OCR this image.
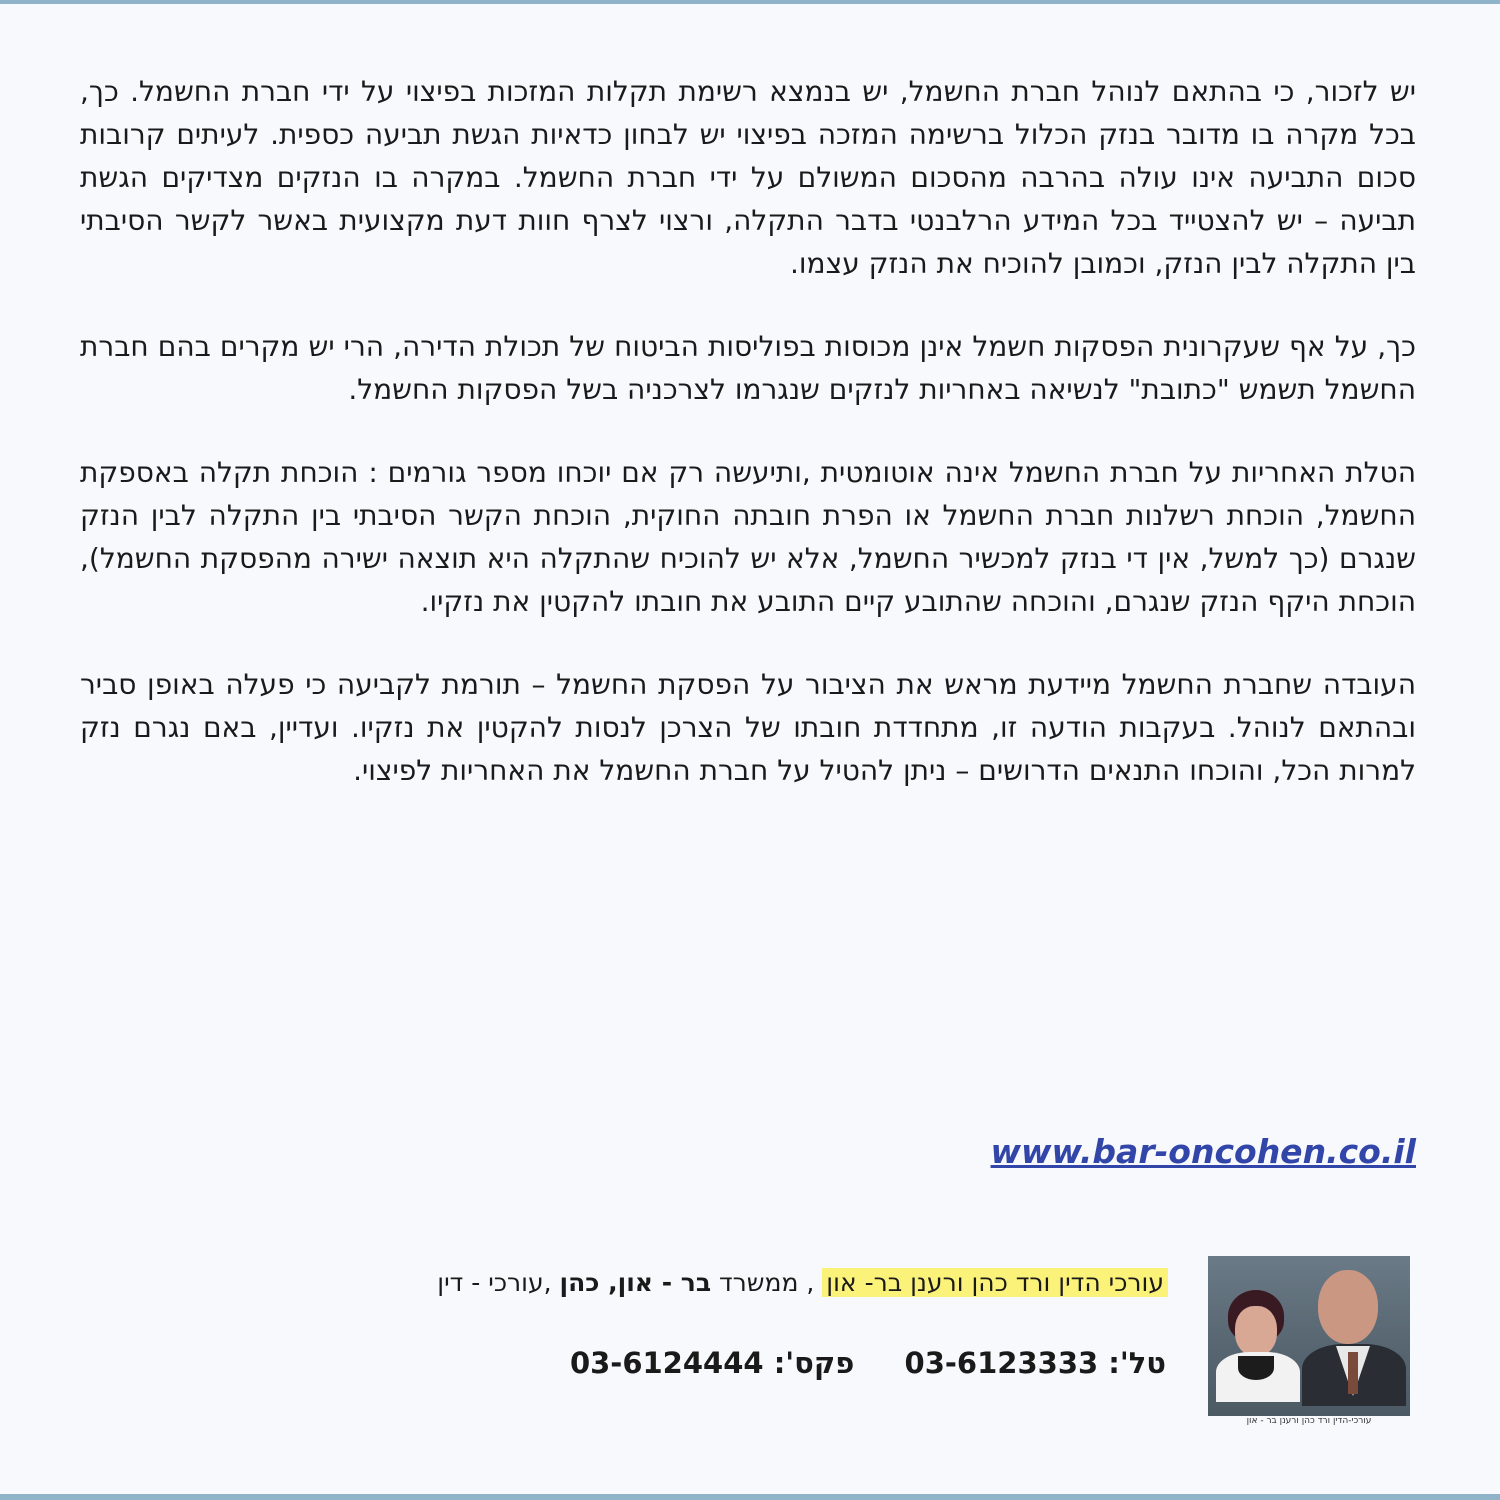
יש לזכור, כי בהתאם לנוהל חברת החשמל, יש בנמצא רשימת תקלות המזכות בפיצוי על ידי חברת החשמל. כך, בכל מקרה בו מדובר בנזק הכלול ברשימה המזכה בפיצוי יש לבחון כדאיות הגשת תביעה כספית. לעיתים קרובות סכום התביעה אינו עולה בהרבה מהסכום המשולם על ידי חברת החשמל. במקרה בו הנזקים מצדיקים הגשת תביעה – יש להצטייד בכל המידע הרלבנטי בדבר התקלה, ורצוי לצרף חוות דעת מקצועית באשר לקשר הסיבתי בין התקלה לבין הנזק, וכמובן להוכיח את הנזק עצמו.

כך, על אף שעקרונית הפסקות חשמל אינן מכוסות בפוליסות הביטוח של תכולת הדירה, הרי יש מקרים בהם חברת החשמל תשמש "כתובת" לנשיאה באחריות לנזקים שנגרמו לצרכניה בשל הפסקות החשמל.

הטלת האחריות על חברת החשמל אינה אוטומטית ,ותיעשה רק אם יוכחו מספר גורמים : הוכחת תקלה באספקת החשמל, הוכחת רשלנות חברת החשמל או הפרת חובתה החוקית, הוכחת הקשר הסיבתי בין התקלה לבין הנזק שנגרם (כך למשל, אין די בנזק למכשיר החשמל, אלא יש להוכיח שהתקלה היא תוצאה ישירה מהפסקת החשמל), הוכחת היקף הנזק שנגרם, והוכחה שהתובע קיים התובע את חובתו להקטין את נזקיו.

העובדה שחברת החשמל מיידעת מראש את הציבור על הפסקת החשמל – תורמת לקביעה כי פעלה באופן סביר ובהתאם לנוהל. בעקבות הודעה זו, מתחדדת חובתו של הצרכן לנסות להקטין את נזקיו. ועדיין, באם נגרם נזק למרות הכל, והוכחו התנאים הדרושים – ניתן להטיל על חברת החשמל את האחריות לפיצוי.

www.bar-oncohen.co.il
עורכי הדין ורד כהן ורענן בר- און , ממשרד בר - און, כהן ,עורכי - דין
טל': 03-6123333  פקס': 03-6124444
עורכי-הדין ורד כהן ורענן בר - און
